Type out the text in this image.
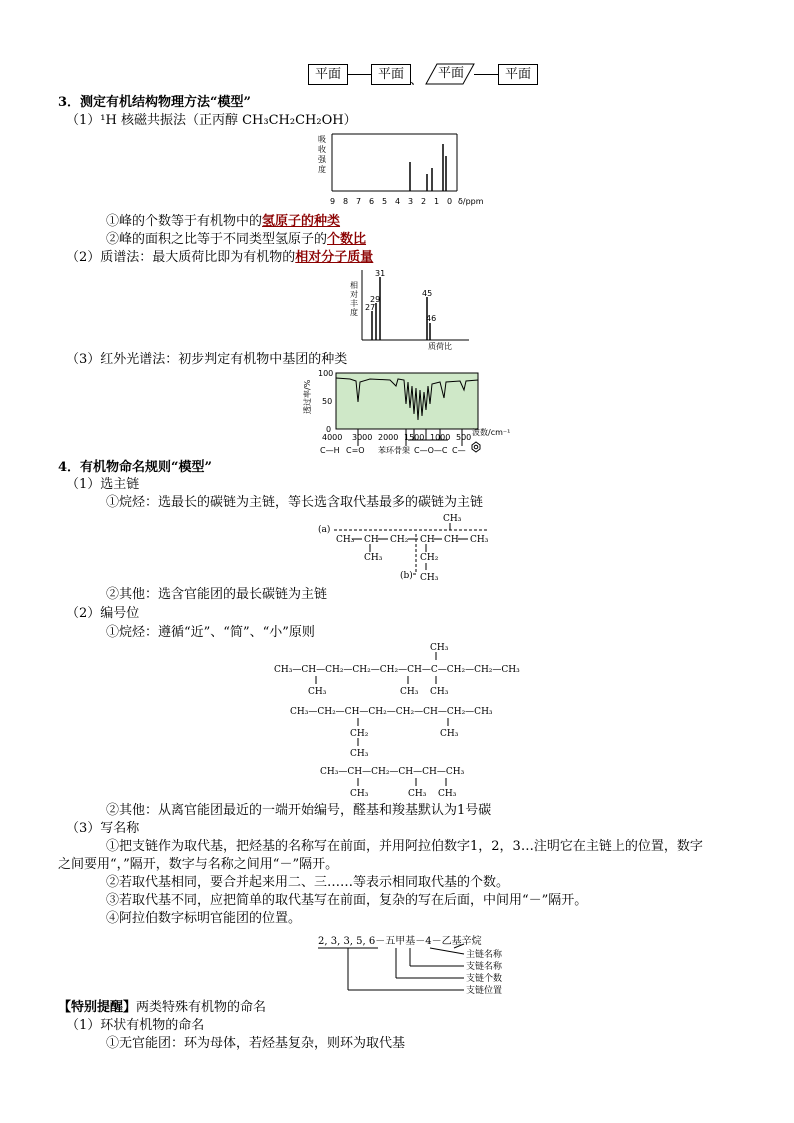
平面	平面 、 平面	平面
3．测定有机结构物理方法“模型”
（1）¹H 核磁共振法（正丙醇 CH₃CH₂CH₂OH）
吸
收
强
度
9 8 7 6 5 4 3 2 1 0 δ/ppm
①峰的个数等于有机物中的氢原子的种类
②峰的面积之比等于不同类型氢原子的个数比
（2）质谱法：最大质荷比即为有机物的相对分子质量
相
对
丰
度
27
29
31
45
46
质荷比
（3）红外光谱法：初步判定有机物中基团的种类
100
50
0
透过率/%
4000 3000 2000 1500 1000 500
波数/cm⁻¹
C—H C=O 苯环骨架 C—O—C C—
4．有机物命名规则“模型”
（1）选主链
①烷烃：选最长的碳链为主链，等长选含取代基最多的碳链为主链
(a)
CH₃
CH₃ CH CH₂ CH CH CH₃
CH₃	CH₂
CH₃
(b)
②其他：选含官能团的最长碳链为主链
（2）编号位
①烷烃：遵循“近”、“简”、“小”原则
CH₃
CH₃—CH—CH₂—CH₂—CH₂—CH—C—CH₂—CH₂—CH₃
CH₃	CH₃ CH₃
CH₃—CH₂—CH—CH₂—CH₂—CH—CH₂—CH₃
CH₂	CH₃
CH₃
CH₃—CH—CH₂—CH—CH—CH₃
CH₃	CH₃ CH₃
②其他：从离官能团最近的一端开始编号，醛基和羧基默认为1号碳
（3）写名称
①把支链作为取代基，把烃基的名称写在前面，并用阿拉伯数字1，2，3…注明它在主链上的位置，数字
之间要用“，”隔开，数字与名称之间用“－”隔开。
②若取代基相同，要合并起来用二、三……等表示相同取代基的个数。
③若取代基不同，应把简单的取代基写在前面，复杂的写在后面，中间用“－”隔开。
④阿拉伯数字标明官能团的位置。
2, 3, 3, 5, 6－五甲基－4－乙基辛烷
主链名称
支链名称
支链个数
支链位置
【特别提醒】两类特殊有机物的命名
（1）环状有机物的命名
①无官能团：环为母体，若烃基复杂，则环为取代基
